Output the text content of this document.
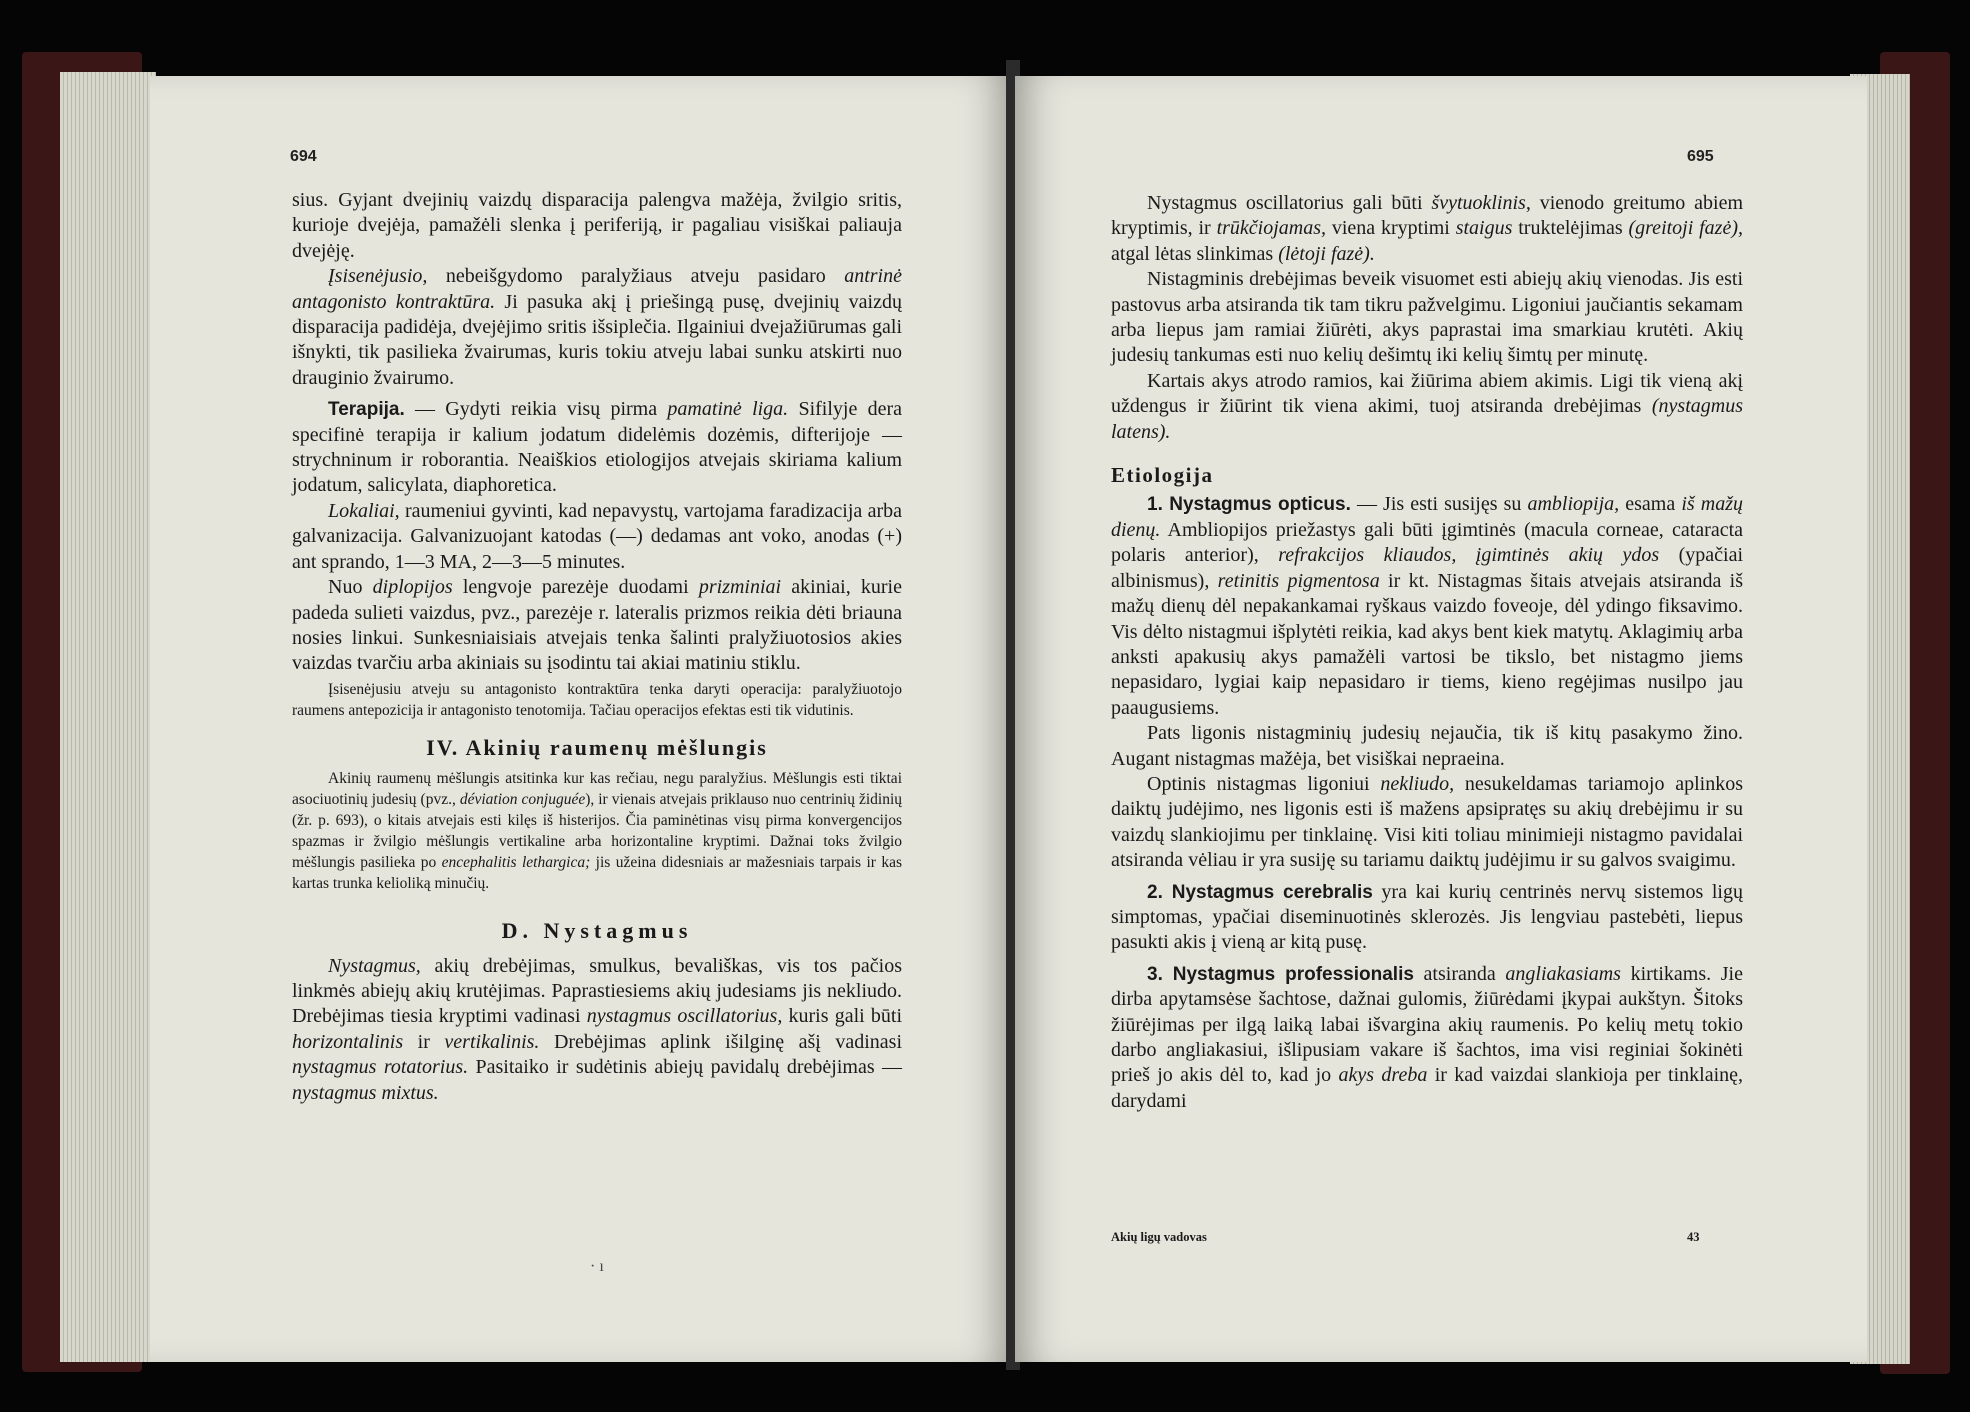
694

sius. Gyjant dvejinių vaizdų disparacija palengva mažėja, žvilgio sritis, kurioje dvejėja, pamažėli slenka į periferiją, ir pagaliau visiškai paliauja dvejėję.

Įsisenėjusio, nebeišgydomo paralyžiaus atveju pasidaro antrinė antagonisto kontraktūra. Ji pasuka akį į priešingą pusę, dvejinių vaizdų disparacija padidėja, dvejėjimo sritis išsiplečia. Ilgainiui dvejažiūrumas gali išnykti, tik pasilieka žvairumas, kuris tokiu atveju labai sunku atskirti nuo drauginio žvairumo.

Terapija. — Gydyti reikia visų pirma pamatinė liga. Sifilyje dera specifinė terapija ir kalium jodatum didelėmis dozėmis, difterijoje — strychninum ir roborantia. Neaiškios etiologijos atvejais skiriama kalium jodatum, salicylata, diaphoretica.

Lokaliai, raumeniui gyvinti, kad nepavystų, vartojama faradizacija arba galvanizacija. Galvanizuojant katodas (—) dedamas ant voko, anodas (+) ant sprando, 1—3 MA, 2—3—5 minutes.

Nuo diplopijos lengvoje parezėje duodami prizminiai akiniai, kurie padeda sulieti vaizdus, pvz., parezėje r. lateralis prizmos reikia dėti briauna nosies linkui. Sunkesniaisiais atvejais tenka šalinti pralyžiuotosios akies vaizdas tvarčiu arba akiniais su įsodintu tai akiai matiniu stiklu.

Įsisenėjusiu atveju su antagonisto kontraktūra tenka daryti operacija: paralyžiuotojo raumens antepozicija ir antagonisto tenotomija. Tačiau operacijos efektas esti tik vidutinis.

IV. Akinių raumenų mėšlungis

Akinių raumenų mėšlungis atsitinka kur kas rečiau, negu paralyžius. Mėšlungis esti tiktai asociuotinių judesių (pvz., déviation conjuguée), ir vienais atvejais priklauso nuo centrinių židinių (žr. p. 693), o kitais atvejais esti kilęs iš histerijos. Čia paminėtinas visų pirma konvergencijos spazmas ir žvilgio mėšlungis vertikaline arba horizontaline kryptimi. Dažnai toks žvilgio mėšlungis pasilieka po encephalitis lethargica; jis užeina didesniais ar mažesniais tarpais ir kas kartas trunka kelioliką minučių.

D. Nystagmus

Nystagmus, akių drebėjimas, smulkus, bevališkas, vis tos pačios linkmės abiejų akių krutėjimas. Paprastiesiems akių judesiams jis nekliudo. Drebėjimas tiesia kryptimi vadinasi nystagmus oscillatorius, kuris gali būti horizontalinis ir vertikalinis. Drebėjimas aplink išilginę ašį vadinasi nystagmus rotatorius. Pasitaiko ir sudėtinis abiejų pavidalų drebėjimas — nystagmus mixtus.

· ı
695

Nystagmus oscillatorius gali būti švytuoklinis, vienodo greitumo abiem kryptimis, ir trūkčiojamas, viena kryptimi staigus truktelėjimas (greitoji fazė), atgal lėtas slinkimas (lėtoji fazė).

Nistagminis drebėjimas beveik visuomet esti abiejų akių vienodas. Jis esti pastovus arba atsiranda tik tam tikru pažvelgimu. Ligoniui jaučiantis sekamam arba liepus jam ramiai žiūrėti, akys paprastai ima smarkiau krutėti. Akių judesių tankumas esti nuo kelių dešimtų iki kelių šimtų per minutę.

Kartais akys atrodo ramios, kai žiūrima abiem akimis. Ligi tik vieną akį uždengus ir žiūrint tik viena akimi, tuoj atsiranda drebėjimas (nystagmus latens).

Etiologija

1. Nystagmus opticus. — Jis esti susijęs su ambliopija, esama iš mažų dienų. Ambliopijos priežastys gali būti įgimtinės (macula corneae, cataracta polaris anterior), refrakcijos kliaudos, įgimtinės akių ydos (ypačiai albinismus), retinitis pigmentosa ir kt. Nistagmas šitais atvejais atsiranda iš mažų dienų dėl nepakankamai ryškaus vaizdo foveoje, dėl ydingo fiksavimo. Vis dėlto nistagmui išplytėti reikia, kad akys bent kiek matytų. Aklagimių arba anksti apakusių akys pamažėli vartosi be tikslo, bet nistagmo jiems nepasidaro, lygiai kaip nepasidaro ir tiems, kieno regėjimas nusilpo jau paaugusiems.

Pats ligonis nistagminių judesių nejaučia, tik iš kitų pasakymo žino. Augant nistagmas mažėja, bet visiškai nepraeina.

Optinis nistagmas ligoniui nekliudo, nesukeldamas tariamojo aplinkos daiktų judėjimo, nes ligonis esti iš mažens apsipratęs su akių drebėjimu ir su vaizdų slankiojimu per tinklainę. Visi kiti toliau minimieji nistagmo pavidalai atsiranda vėliau ir yra susiję su tariamu daiktų judėjimu ir su galvos svaigimu.

2. Nystagmus cerebralis yra kai kurių centrinės nervų sistemos ligų simptomas, ypačiai diseminuotinės sklerozės. Jis lengviau pastebėti, liepus pasukti akis į vieną ar kitą pusę.

3. Nystagmus professionalis atsiranda angliakasiams kirtikams. Jie dirba apytamsėse šachtose, dažnai gulomis, žiūrėdami įkypai aukštyn. Šitoks žiūrėjimas per ilgą laiką labai išvargina akių raumenis. Po kelių metų tokio darbo angliakasiui, išlipusiam vakare iš šachtos, ima visi reginiai šokinėti prieš jo akis dėl to, kad jo akys dreba ir kad vaizdai slankioja per tinklainę, darydami

Akių ligų vadovas	43
